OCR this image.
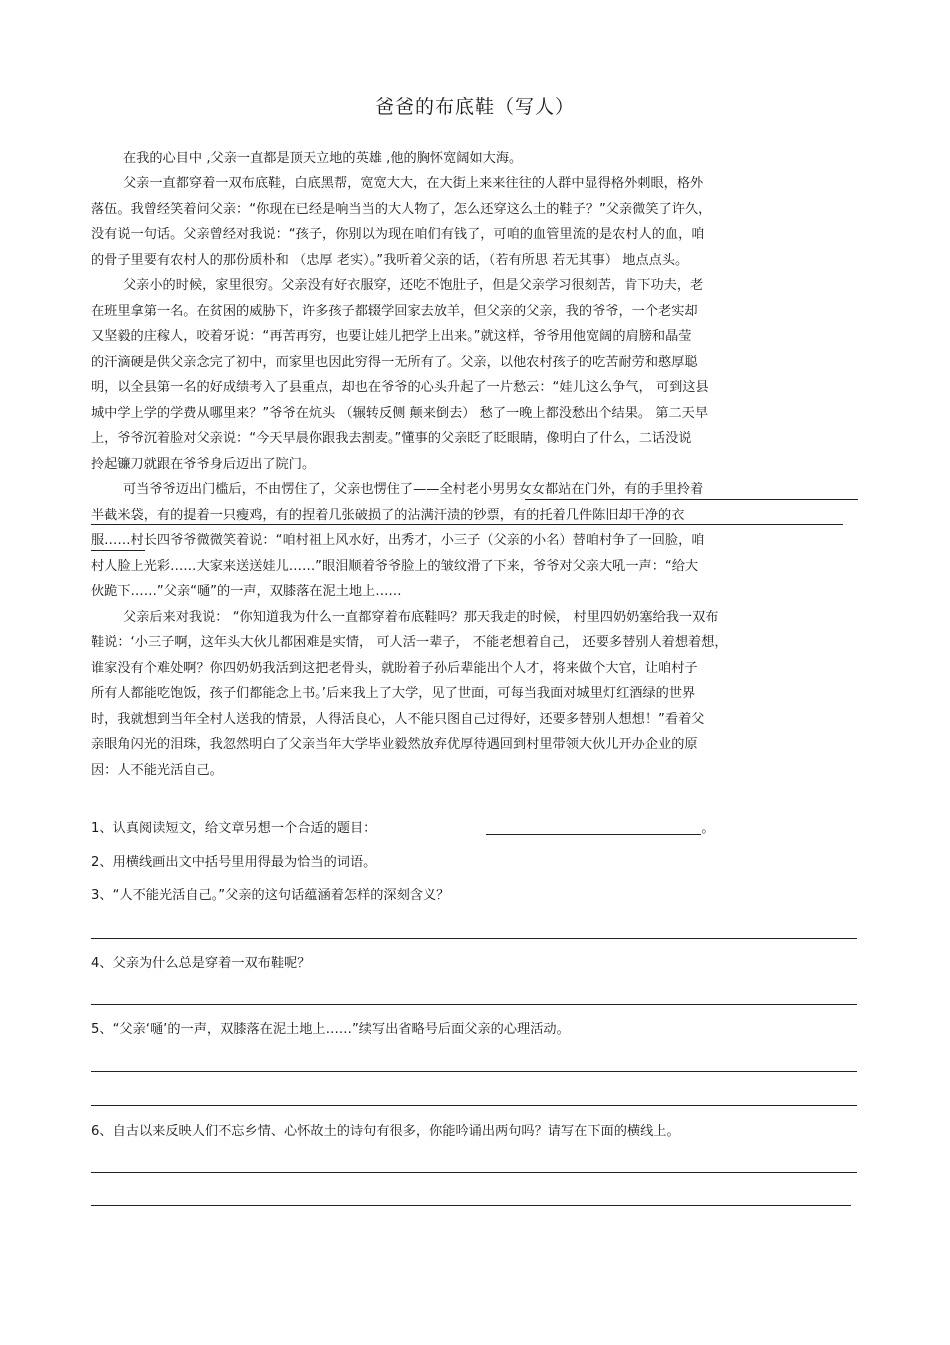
爸爸的布底鞋（写人）
在我的心目中 ,父亲一直都是顶天立地的英雄 ,他的胸怀宽阔如大海。
父亲一直都穿着一双布底鞋，白底黑帮，宽宽大大，在大街上来来往往的人群中显得格外刺眼，格外
落伍。我曾经笑着问父亲：“你现在已经是响当当的大人物了，怎么还穿这么土的鞋子？”父亲微笑了许久，
没有说一句话。父亲曾经对我说：“孩子，你别以为现在咱们有钱了，可咱的血管里流的是农村人的血，咱
的骨子里要有农村人的那份质朴和 （忠厚 老实）。”我听着父亲的话，（若有所思 若无其事） 地点点头。
父亲小的时候，家里很穷。父亲没有好衣服穿，还吃不饱肚子，但是父亲学习很刻苦，肯下功夫，老
在班里拿第一名。在贫困的威胁下，许多孩子都辍学回家去放羊，但父亲的父亲，我的爷爷，一个老实却
又坚毅的庄稼人，咬着牙说：“再苦再穷，也要让娃儿把学上出来。”就这样，爷爷用他宽阔的肩膀和晶莹
的汗滴硬是供父亲念完了初中，而家里也因此穷得一无所有了。父亲，以他农村孩子的吃苦耐劳和憨厚聪
明，以全县第一名的好成绩考入了县重点，却也在爷爷的心头升起了一片愁云：“娃儿这么争气， 可到这县
城中学上学的学费从哪里来？”爷爷在炕头 （辗转反侧 颠来倒去） 愁了一晚上都没愁出个结果。 第二天早
上，爷爷沉着脸对父亲说：“今天早晨你跟我去割麦。”懂事的父亲眨了眨眼睛，像明白了什么，二话没说
拎起镰刀就跟在爷爷身后迈出了院门。
可当爷爷迈出门槛后，不由愣住了，父亲也愣住了——全村老小男男女女都站在门外，有的手里拎着
半截米袋，有的提着一只瘦鸡，有的捏着几张破损了的沾满汗渍的钞票，有的托着几件陈旧却干净的衣
服……村长四爷爷微微笑着说：“咱村祖上风水好，出秀才，小三子（父亲的小名）替咱村争了一回脸，咱
村人脸上光彩……大家来送送娃儿……”眼泪顺着爷爷脸上的皱纹滑了下来，爷爷对父亲大吼一声：“给大
伙跪下……”父亲“嗵”的一声，双膝落在泥土地上……
父亲后来对我说： “你知道我为什么一直都穿着布底鞋吗？那天我走的时候， 村里四奶奶塞给我一双布
鞋说：‘小三子啊，这年头大伙儿都困难是实情， 可人活一辈子， 不能老想着自己， 还要多替别人着想着想，
谁家没有个难处啊？你四奶奶我活到这把老骨头，就盼着子孙后辈能出个人才，将来做个大官，让咱村子
所有人都能吃饱饭，孩子们都能念上书。’后来我上了大学，见了世面，可每当我面对城里灯红酒绿的世界
时，我就想到当年全村人送我的情景，人得活良心，人不能只图自己过得好，还要多替别人想想！”看着父
亲眼角闪光的泪珠，我忽然明白了父亲当年大学毕业毅然放弃优厚待遇回到村里带领大伙儿开办企业的原
因：人不能光活自己。
1、认真阅读短文，给文章另想一个合适的题目：	。
2、用横线画出文中括号里用得最为恰当的词语。
3、“人不能光活自己。”父亲的这句话蕴涵着怎样的深刻含义？
4、父亲为什么总是穿着一双布鞋呢？
5、“父亲‘嗵’的一声，双膝落在泥土地上……”续写出省略号后面父亲的心理活动。
6、自古以来反映人们不忘乡情、心怀故土的诗句有很多，你能吟诵出两句吗？请写在下面的横线上。
